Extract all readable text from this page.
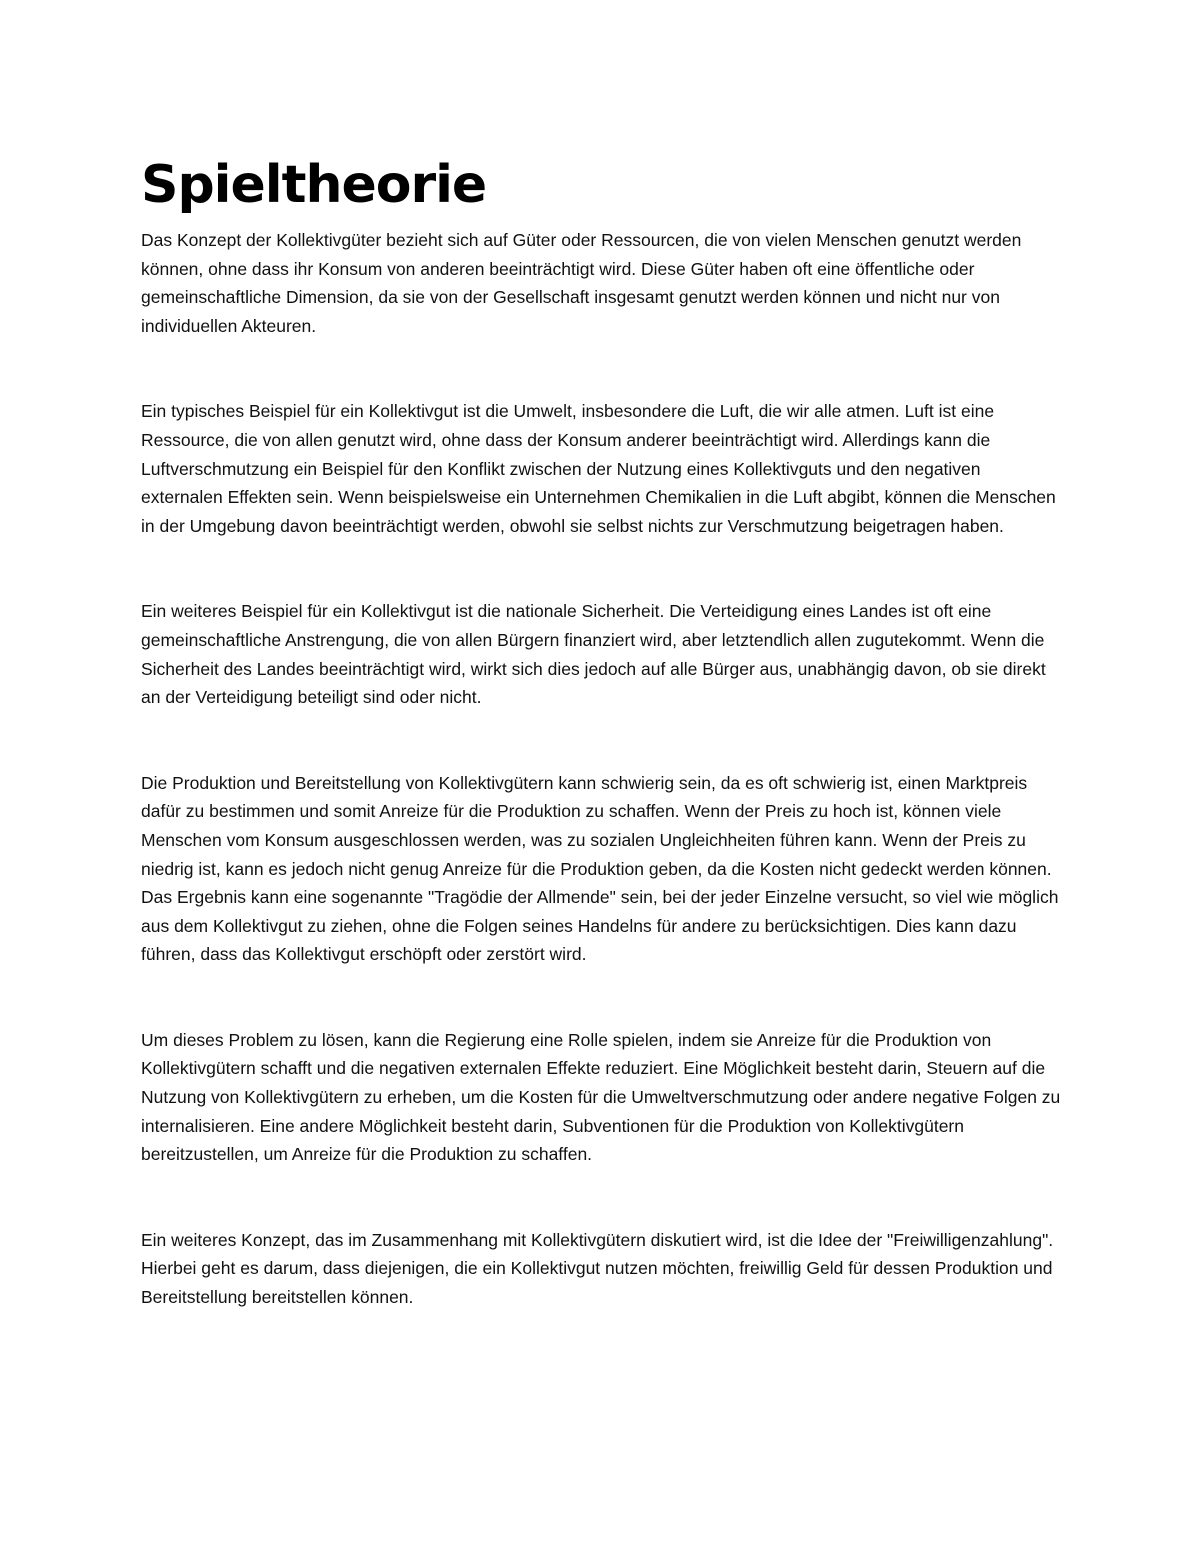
Spieltheorie

Das Konzept der Kollektivgüter bezieht sich auf Güter oder Ressourcen, die von vielen Menschen genutzt werden können, ohne dass ihr Konsum von anderen beeinträchtigt wird. Diese Güter haben oft eine öffentliche oder gemeinschaftliche Dimension, da sie von der Gesellschaft insgesamt genutzt werden können und nicht nur von individuellen Akteuren.

Ein typisches Beispiel für ein Kollektivgut ist die Umwelt, insbesondere die Luft, die wir alle atmen. Luft ist eine Ressource, die von allen genutzt wird, ohne dass der Konsum anderer beeinträchtigt wird. Allerdings kann die Luftverschmutzung ein Beispiel für den Konflikt zwischen der Nutzung eines Kollektivguts und den negativen externalen Effekten sein. Wenn beispielsweise ein Unternehmen Chemikalien in die Luft abgibt, können die Menschen in der Umgebung davon beeinträchtigt werden, obwohl sie selbst nichts zur Verschmutzung beigetragen haben.

Ein weiteres Beispiel für ein Kollektivgut ist die nationale Sicherheit. Die Verteidigung eines Landes ist oft eine gemeinschaftliche Anstrengung, die von allen Bürgern finanziert wird, aber letztendlich allen zugutekommt. Wenn die Sicherheit des Landes beeinträchtigt wird, wirkt sich dies jedoch auf alle Bürger aus, unabhängig davon, ob sie direkt an der Verteidigung beteiligt sind oder nicht.

Die Produktion und Bereitstellung von Kollektivgütern kann schwierig sein, da es oft schwierig ist, einen Marktpreis dafür zu bestimmen und somit Anreize für die Produktion zu schaffen. Wenn der Preis zu hoch ist, können viele Menschen vom Konsum ausgeschlossen werden, was zu sozialen Ungleichheiten führen kann. Wenn der Preis zu niedrig ist, kann es jedoch nicht genug Anreize für die Produktion geben, da die Kosten nicht gedeckt werden können. Das Ergebnis kann eine sogenannte "Tragödie der Allmende" sein, bei der jeder Einzelne versucht, so viel wie möglich aus dem Kollektivgut zu ziehen, ohne die Folgen seines Handelns für andere zu berücksichtigen. Dies kann dazu führen, dass das Kollektivgut erschöpft oder zerstört wird.

Um dieses Problem zu lösen, kann die Regierung eine Rolle spielen, indem sie Anreize für die Produktion von Kollektivgütern schafft und die negativen externalen Effekte reduziert. Eine Möglichkeit besteht darin, Steuern auf die Nutzung von Kollektivgütern zu erheben, um die Kosten für die Umweltverschmutzung oder andere negative Folgen zu internalisieren. Eine andere Möglichkeit besteht darin, Subventionen für die Produktion von Kollektivgütern bereitzustellen, um Anreize für die Produktion zu schaffen.

Ein weiteres Konzept, das im Zusammenhang mit Kollektivgütern diskutiert wird, ist die Idee der "Freiwilligenzahlung". Hierbei geht es darum, dass diejenigen, die ein Kollektivgut nutzen möchten, freiwillig Geld für dessen Produktion und Bereitstellung bereitstellen können.
